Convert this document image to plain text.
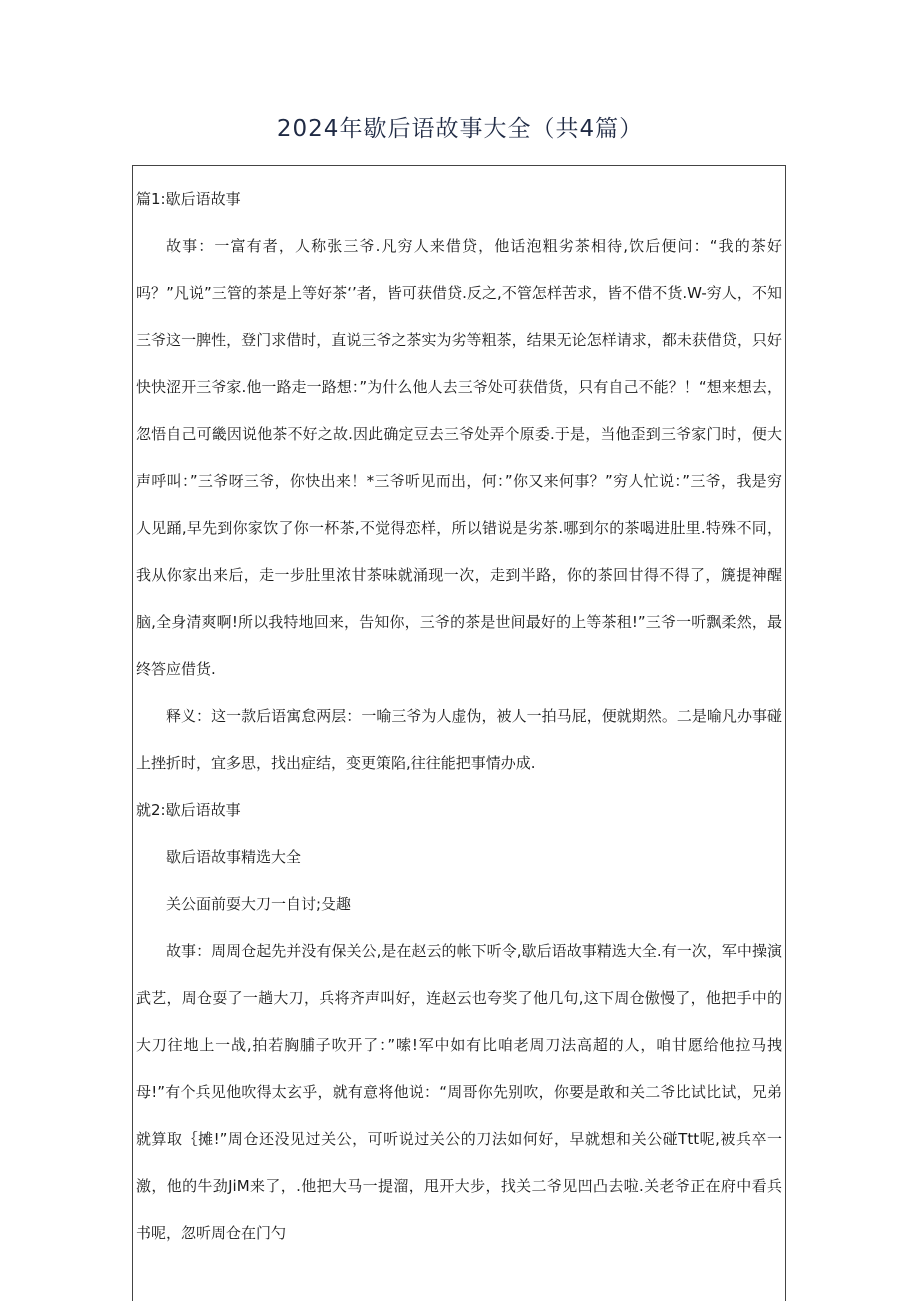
2024年歇后语故事大全（共4篇）

篇1:歇后语故事

故事：一富有者，人称张三爷.凡穷人来借贷，他话泡粗劣茶相待,饮后便问：“我的茶好吗？”凡说”三管的茶是上等好茶‘’者，皆可获借贷.反之,不管怎样苦求，皆不借不货.W-穷人，不知三爷这一脾性，登门求借时，直说三爷之茶实为劣等粗茶，结果无论怎样请求，都未获借贷，只好快快涩开三爷家.他一路走一路想：”为什么他人去三爷处可获借货，只有自己不能？！“想来想去，忽悟自己可畿因说他茶不好之故.因此确定豆去三爷处弄个原委.于是，当他歪到三爷家门时，便大声呼叫：”三爷呀三爷，你快出来！*三爷听见而出，何：”你又来何事？”穷人忙说：”三爷，我是穷人见踊,早先到你家饮了你一杯茶,不觉得恋样，所以错说是劣茶.哪到尔的茶喝进肚里.特殊不同，我从你家出来后，走一步肚里浓甘茶味就涌现一次，走到半路，你的茶回甘得不得了，篪提神醒脑,全身清爽啊!所以我特地回来，告知你，三爷的茶是世间最好的上等茶租!”三爷一听飘柔然，最终答应借货.

释义：这一款后语寓怠两层：一喻三爷为人虚伪，被人一拍马屁，便就期然。二是喻凡办事碰上挫折时，宜多思，找出症结，变更策陷,往往能把事情办成.

就2:歇后语故事

歇后语故事精选大全

关公面前耍大刀一自讨;殳趣

故事：周周仓起先并没有保关公,是在赵云的帐下听令,歇后语故事精选大全.有一次，军中操演武艺，周仓耍了一趟大刀，兵将齐声叫好，连赵云也夸奖了他几句,这下周仓傲慢了，他把手中的大刀往地上一战,拍若胸脯子吹开了：”嗦!军中如有比咱老周刀法高超的人，咱甘愿给他拉马拽母!”有个兵见他吹得太玄乎，就有意将他说：“周哥你先别吹，你要是敢和关二爷比试比试，兄弟就算取｛摊!”周仓还没见过关公，可听说过关公的刀法如何好，早就想和关公碰Ttt呢,被兵卒一激，他的牛劲JiM来了，.他把大马一提溜，甩开大步，找关二爷见凹凸去啦.关老爷正在府中看兵书呢，忽听周仓在门勺
